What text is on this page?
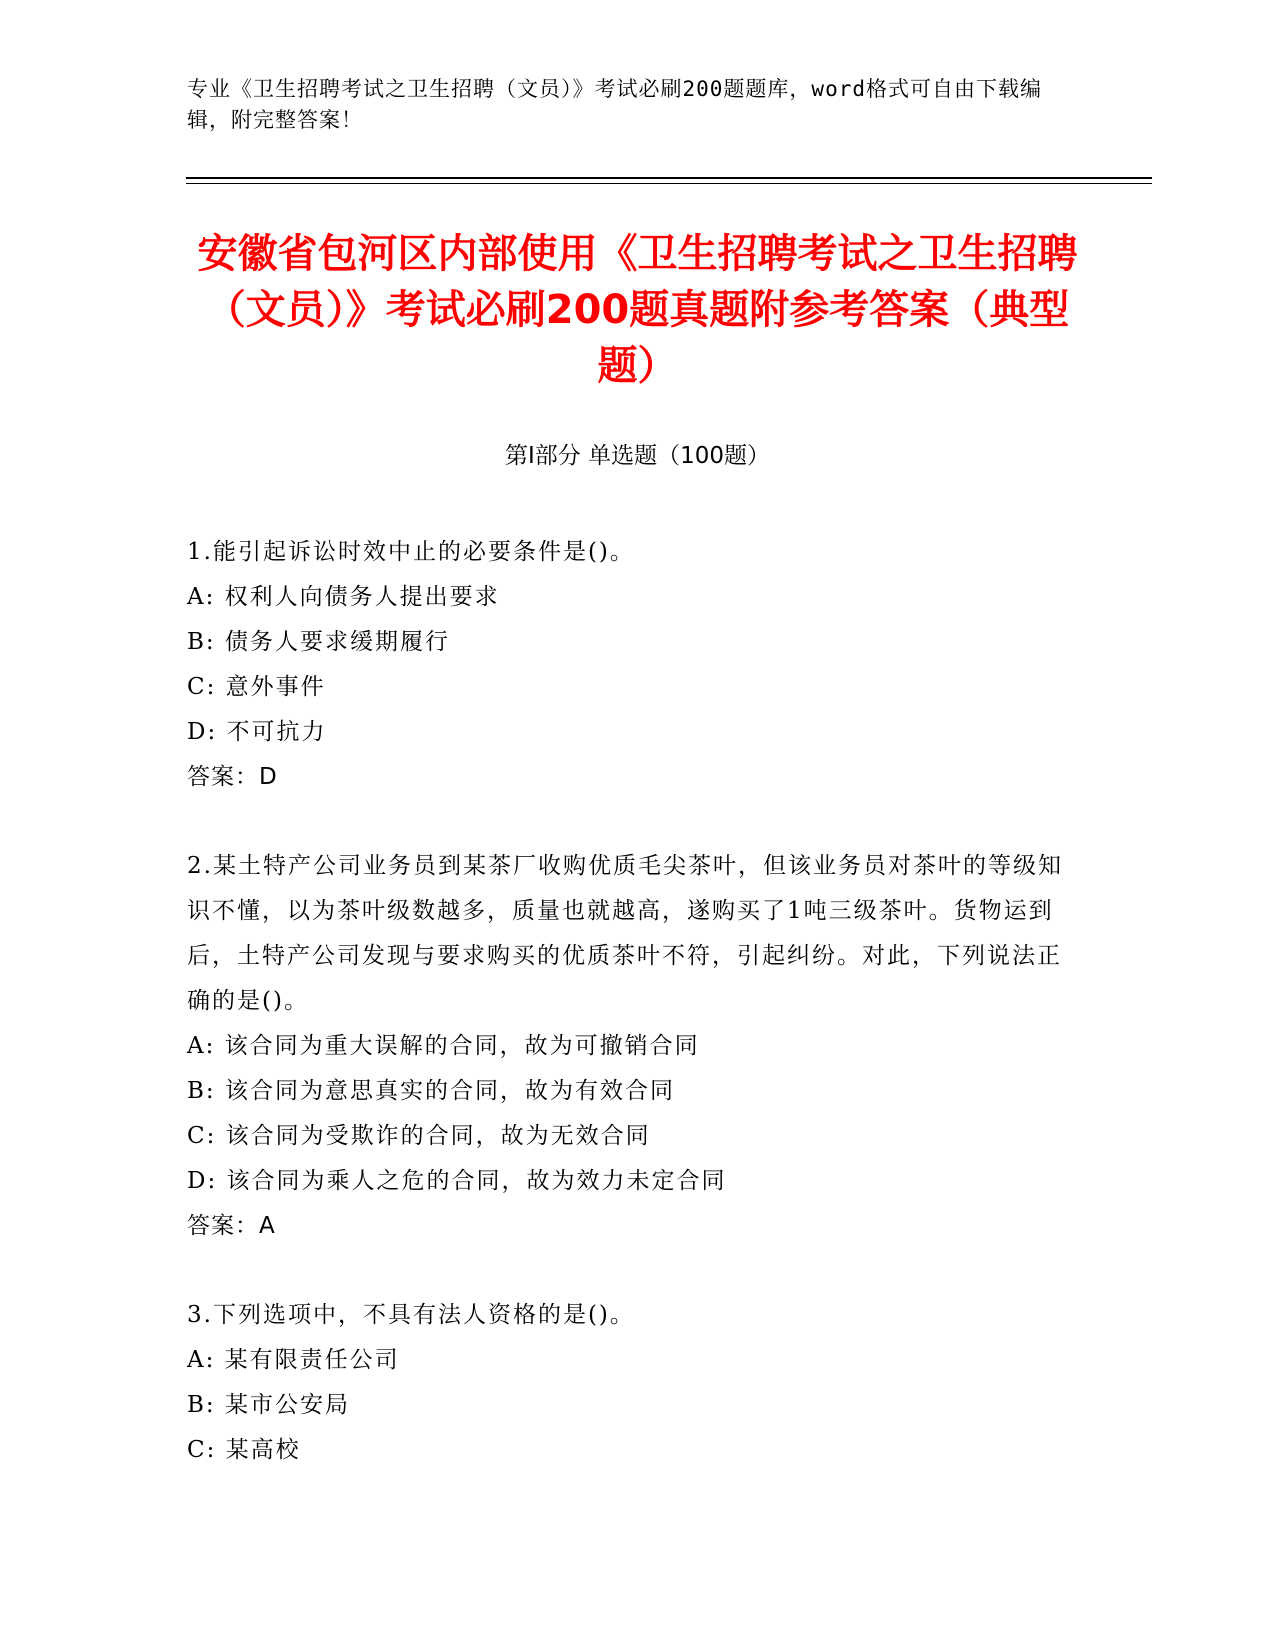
专业《卫生招聘考试之卫生招聘（文员）》考试必刷200题题库，word格式可自由下载编辑，附完整答案！
安徽省包河区内部使用《卫生招聘考试之卫生招聘（文员）》考试必刷200题真题附参考答案（典型题）
第Ⅰ部分 单选题（100题）
1.能引起诉讼时效中止的必要条件是()。
A: 权利人向债务人提出要求
B: 债务人要求缓期履行
C: 意外事件
D: 不可抗力
答案：D
2.某土特产公司业务员到某茶厂收购优质毛尖茶叶，但该业务员对茶叶的等级知识不懂，以为茶叶级数越多，质量也就越高，遂购买了1吨三级茶叶。货物运到后，土特产公司发现与要求购买的优质茶叶不符，引起纠纷。对此，下列说法正确的是()。
A: 该合同为重大误解的合同，故为可撤销合同
B: 该合同为意思真实的合同，故为有效合同
C: 该合同为受欺诈的合同，故为无效合同
D: 该合同为乘人之危的合同，故为效力未定合同
答案：A
3.下列选项中，不具有法人资格的是()。
A: 某有限责任公司
B: 某市公安局
C: 某高校
